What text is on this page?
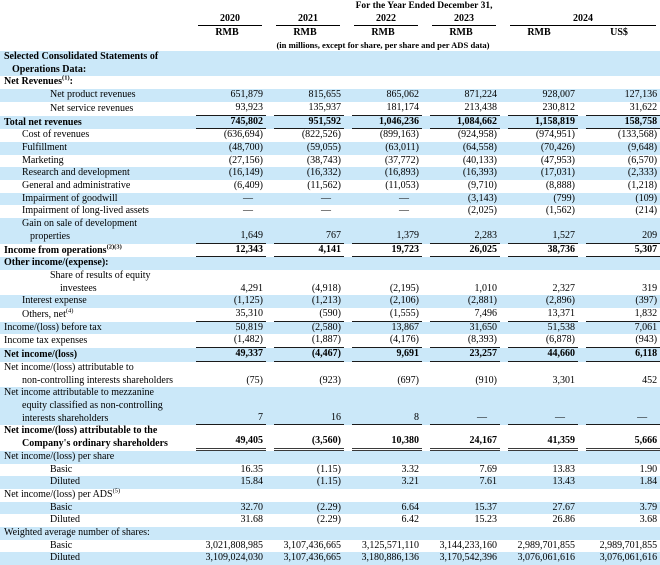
	For the Year Ended December 31,					

	2020	2021	2022	2023	2024	

	RMB	RMB	RMB	RMB	RMB	US$
	(in millions, except for share, per share and per ADS data)					

Selected Consolidated Statements of
Operations Data:						

Net Revenues$^{(1)}$:						

Net product revenues	651,879	815,655	865,062	871,224	928,007	127,136

Net service revenues	93,923	135,937	181,174	213,438	230,812	31,622

Total net revenues	745,802	951,592	1,046,236	1,084,662	1,158,819	158,758

Cost of revenues	(636,694)	(822,526)	(899,163)	(924,958)	(974,951)	(133,568)

Fulfillment	(48,700)	(59,055)	(63,011)	(64,558)	(70,426)	(9,648)

Marketing	(27,156)	(38,743)	(37,772)	(40,133)	(47,953)	(6,570)

Research and development	(16,149)	(16,332)	(16,893)	(16,393)	(17,031)	(2,333)

General and administrative	(6,409)	(11,562)	(11,053)	(9,710)	(8,888)	(1,218)

Impairment of goodwill	—	—	—	(3,143)	(799)	(109)

Impairment of long-lived assets	—	—	—	(2,025)	(1,562)	(214)

Gain on sale of development
properties	1,649	767	1,379	2,283	1,527	209

Income from operations$^{(2)(3)}$	12,343	4,141	19,723	26,025	38,736	5,307

Other income/(expense):						

Share of results of equity
investees	4,291	(4,918)	(2,195)	1,010	2,327	319

Interest expense	(1,125)	(1,213)	(2,106)	(2,881)	(2,896)	(397)

Others, net$^{(4)}$	35,310	(590)	(1,555)	7,496	13,371	1,832

Income/(loss) before tax	50,819	(2,580)	13,867	31,650	51,538	7,061

Income tax expenses	(1,482)	(1,887)	(4,176)	(8,393)	(6,878)	(943)

Net income/(loss)	49,337	(4,467)	9,691	23,257	44,660	6,118

Net income/(loss) attributable to
non-controlling interests shareholders	(75)	(923)	(697)	(910)	3,301	452

Net income attributable to mezzanine
equity classified as non-controlling
interests shareholders	7	16	8	—	—	—

Net income/(loss) attributable to the
Company's ordinary shareholders	49,405	(3,560)	10,380	24,167	41,359	5,666

Net income/(loss) per share						

Basic	16.35	(1.15)	3.32	7.69	13.83	1.90

Diluted	15.84	(1.15)	3.21	7.61	13.43	1.84

Net income/(loss) per ADS$^{(5)}$

Basic	32.70	(2.29)	6.64	15.37	27.67	3.79

Diluted	31.68	(2.29)	6.42	15.23	26.86	3.68

Weighted average number of shares:						

Basic	3,021,808,985	3,107,436,665	3,125,571,110	3,144,233,160	2,989,701,855	2,989,701,855

Diluted	3,109,024,030	3,107,436,665	3,180,886,136	3,170,542,396	3,076,061,616	3,076,061,616
